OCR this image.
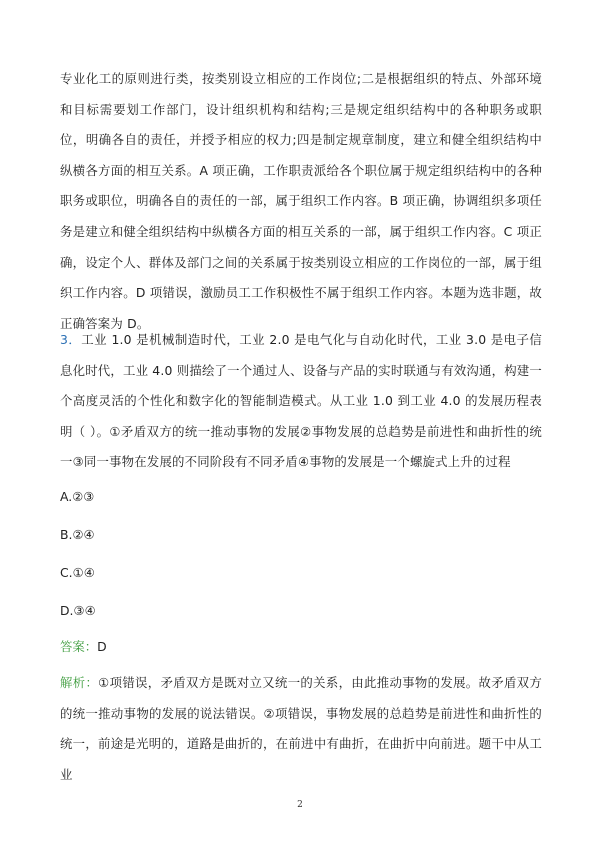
专业化工的原则进行类，按类别设立相应的工作岗位;二是根据组织的特点、外部环境和目标需要划工作部门，设计组织机构和结构;三是规定组织结构中的各种职务或职位，明确各自的责任，并授予相应的权力;四是制定规章制度，建立和健全组织结构中纵横各方面的相互关系。A 项正确，工作职责派给各个职位属于规定组织结构中的各种职务或职位，明确各自的责任的一部，属于组织工作内容。B 项正确，协调组织多项任务是建立和健全组织结构中纵横各方面的相互关系的一部，属于组织工作内容。C 项正确，设定个人、群体及部门之间的关系属于按类别设立相应的工作岗位的一部，属于组织工作内容。D 项错误，激励员工工作积极性不属于组织工作内容。本题为选非题，故正确答案为 D。
3．工业 1.0 是机械制造时代，工业 2.0 是电气化与自动化时代，工业 3.0 是电子信息化时代，工业 4.0 则描绘了一个通过人、设备与产品的实时联通与有效沟通，构建一个高度灵活的个性化和数字化的智能制造模式。从工业 1.0 到工业 4.0 的发展历程表明（ ）。①矛盾双方的统一推动事物的发展②事物发展的总趋势是前进性和曲折性的统一③同一事物在发展的不同阶段有不同矛盾④事物的发展是一个螺旋式上升的过程
A.②③
B.②④
C.①④
D.③④
答案：D
解析：①项错误，矛盾双方是既对立又统一的关系，由此推动事物的发展。故矛盾双方的统一推动事物的发展的说法错误。②项错误，事物发展的总趋势是前进性和曲折性的统一，前途是光明的，道路是曲折的，在前进中有曲折，在曲折中向前进。题干中从工业
2
